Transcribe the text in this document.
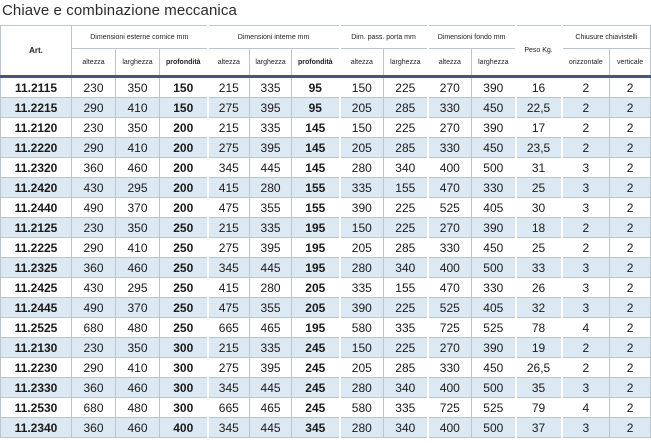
Chiave e combinazione meccanica
Art.	Dimensioni esterne cornice mm			Dimensioni interne mm			Dim. pass. porta mm		Dimensioni fondo mm		Peso Kg.	Chiusure chiavistelli	
	altezza	larghezza	profondità	altezza	larghezza	profondità	altezza	larghezza	altezza	larghezza		orizzontale	verticale
11.2115	230	350	150	215	335	95	150	225	270	390	16	2	2
11.2215	290	410	150	275	395	95	205	285	330	450	22,5	2	2
11.2120	230	350	200	215	335	145	150	225	270	390	17	2	2
11.2220	290	410	200	275	395	145	205	285	330	450	23,5	2	2
11.2320	360	460	200	345	445	145	280	340	400	500	31	3	2
11.2420	430	295	200	415	280	155	335	155	470	330	25	3	2
11.2440	490	370	200	475	355	155	390	225	525	405	30	3	2
11.2125	230	350	250	215	335	195	150	225	270	390	18	2	2
11.2225	290	410	250	275	395	195	205	285	330	450	25	2	2
11.2325	360	460	250	345	445	195	280	340	400	500	33	3	2
11.2425	430	295	250	415	280	205	335	155	470	330	26	3	2
11.2445	490	370	250	475	355	205	390	225	525	405	32	3	2
11.2525	680	480	250	665	465	195	580	335	725	525	78	4	2
11.2130	230	350	300	215	335	245	150	225	270	390	19	2	2
11.2230	290	410	300	275	395	245	205	285	330	450	26,5	2	2
11.2330	360	460	300	345	445	245	280	340	400	500	35	3	2
11.2530	680	480	300	665	465	245	580	335	725	525	79	4	2
11.2340	360	460	400	345	445	345	280	340	400	500	37	3	2
